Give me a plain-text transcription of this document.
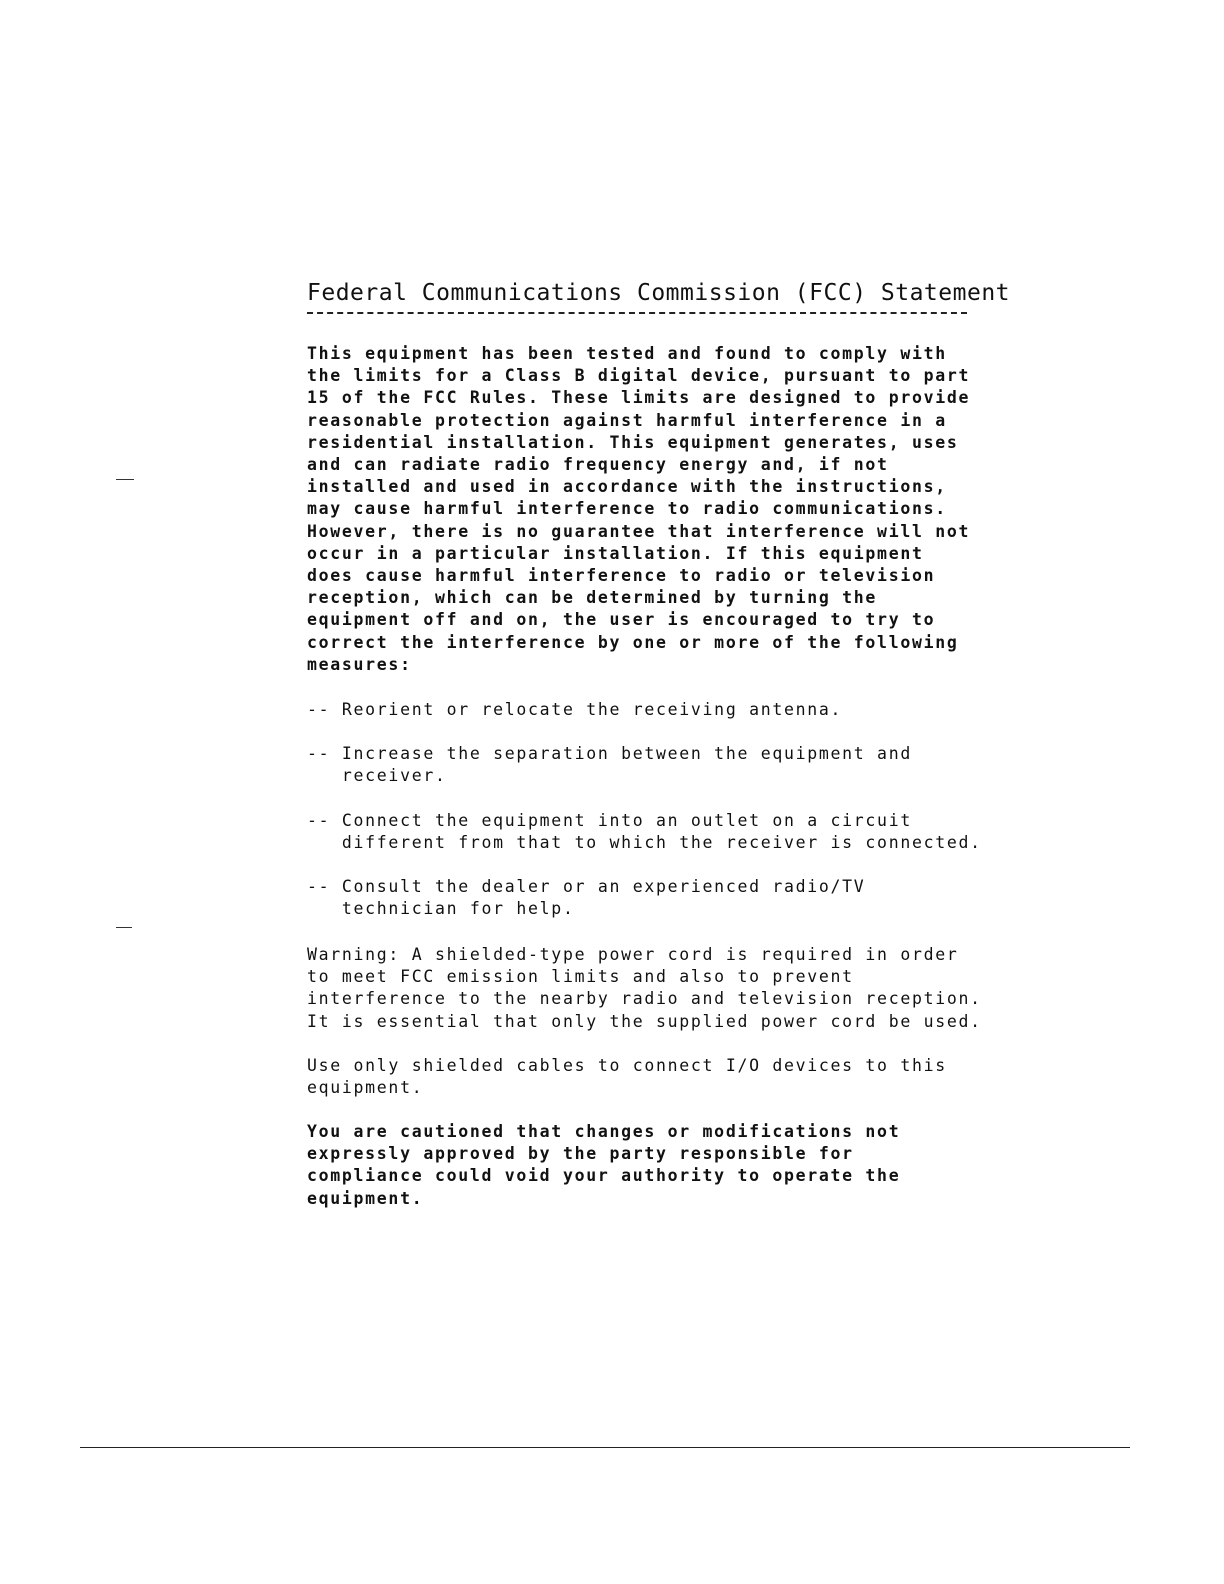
Federal Communications Commission (FCC) Statement
This equipment has been tested and found to comply with
the limits for a Class B digital device, pursuant to part
15 of the FCC Rules. These limits are designed to provide
reasonable protection against harmful interference in a
residential installation. This equipment generates, uses
and can radiate radio frequency energy and, if not
installed and used in accordance with the instructions,
may cause harmful interference to radio communications.
However, there is no guarantee that interference will not
occur in a particular installation. If this equipment
does cause harmful interference to radio or television
reception, which can be determined by turning the
equipment off and on, the user is encouraged to try to
correct the interference by one or more of the following
measures:
-- Reorient or relocate the receiving antenna.
-- Increase the separation between the equipment and
receiver.
-- Connect the equipment into an outlet on a circuit
different from that to which the receiver is connected.
-- Consult the dealer or an experienced radio/TV
technician for help.
Warning: A shielded-type power cord is required in order
to meet FCC emission limits and also to prevent
interference to the nearby radio and television reception.
It is essential that only the supplied power cord be used.
Use only shielded cables to connect I/O devices to this
equipment.
You are cautioned that changes or modifications not
expressly approved by the party responsible for
compliance could void your authority to operate the
equipment.
